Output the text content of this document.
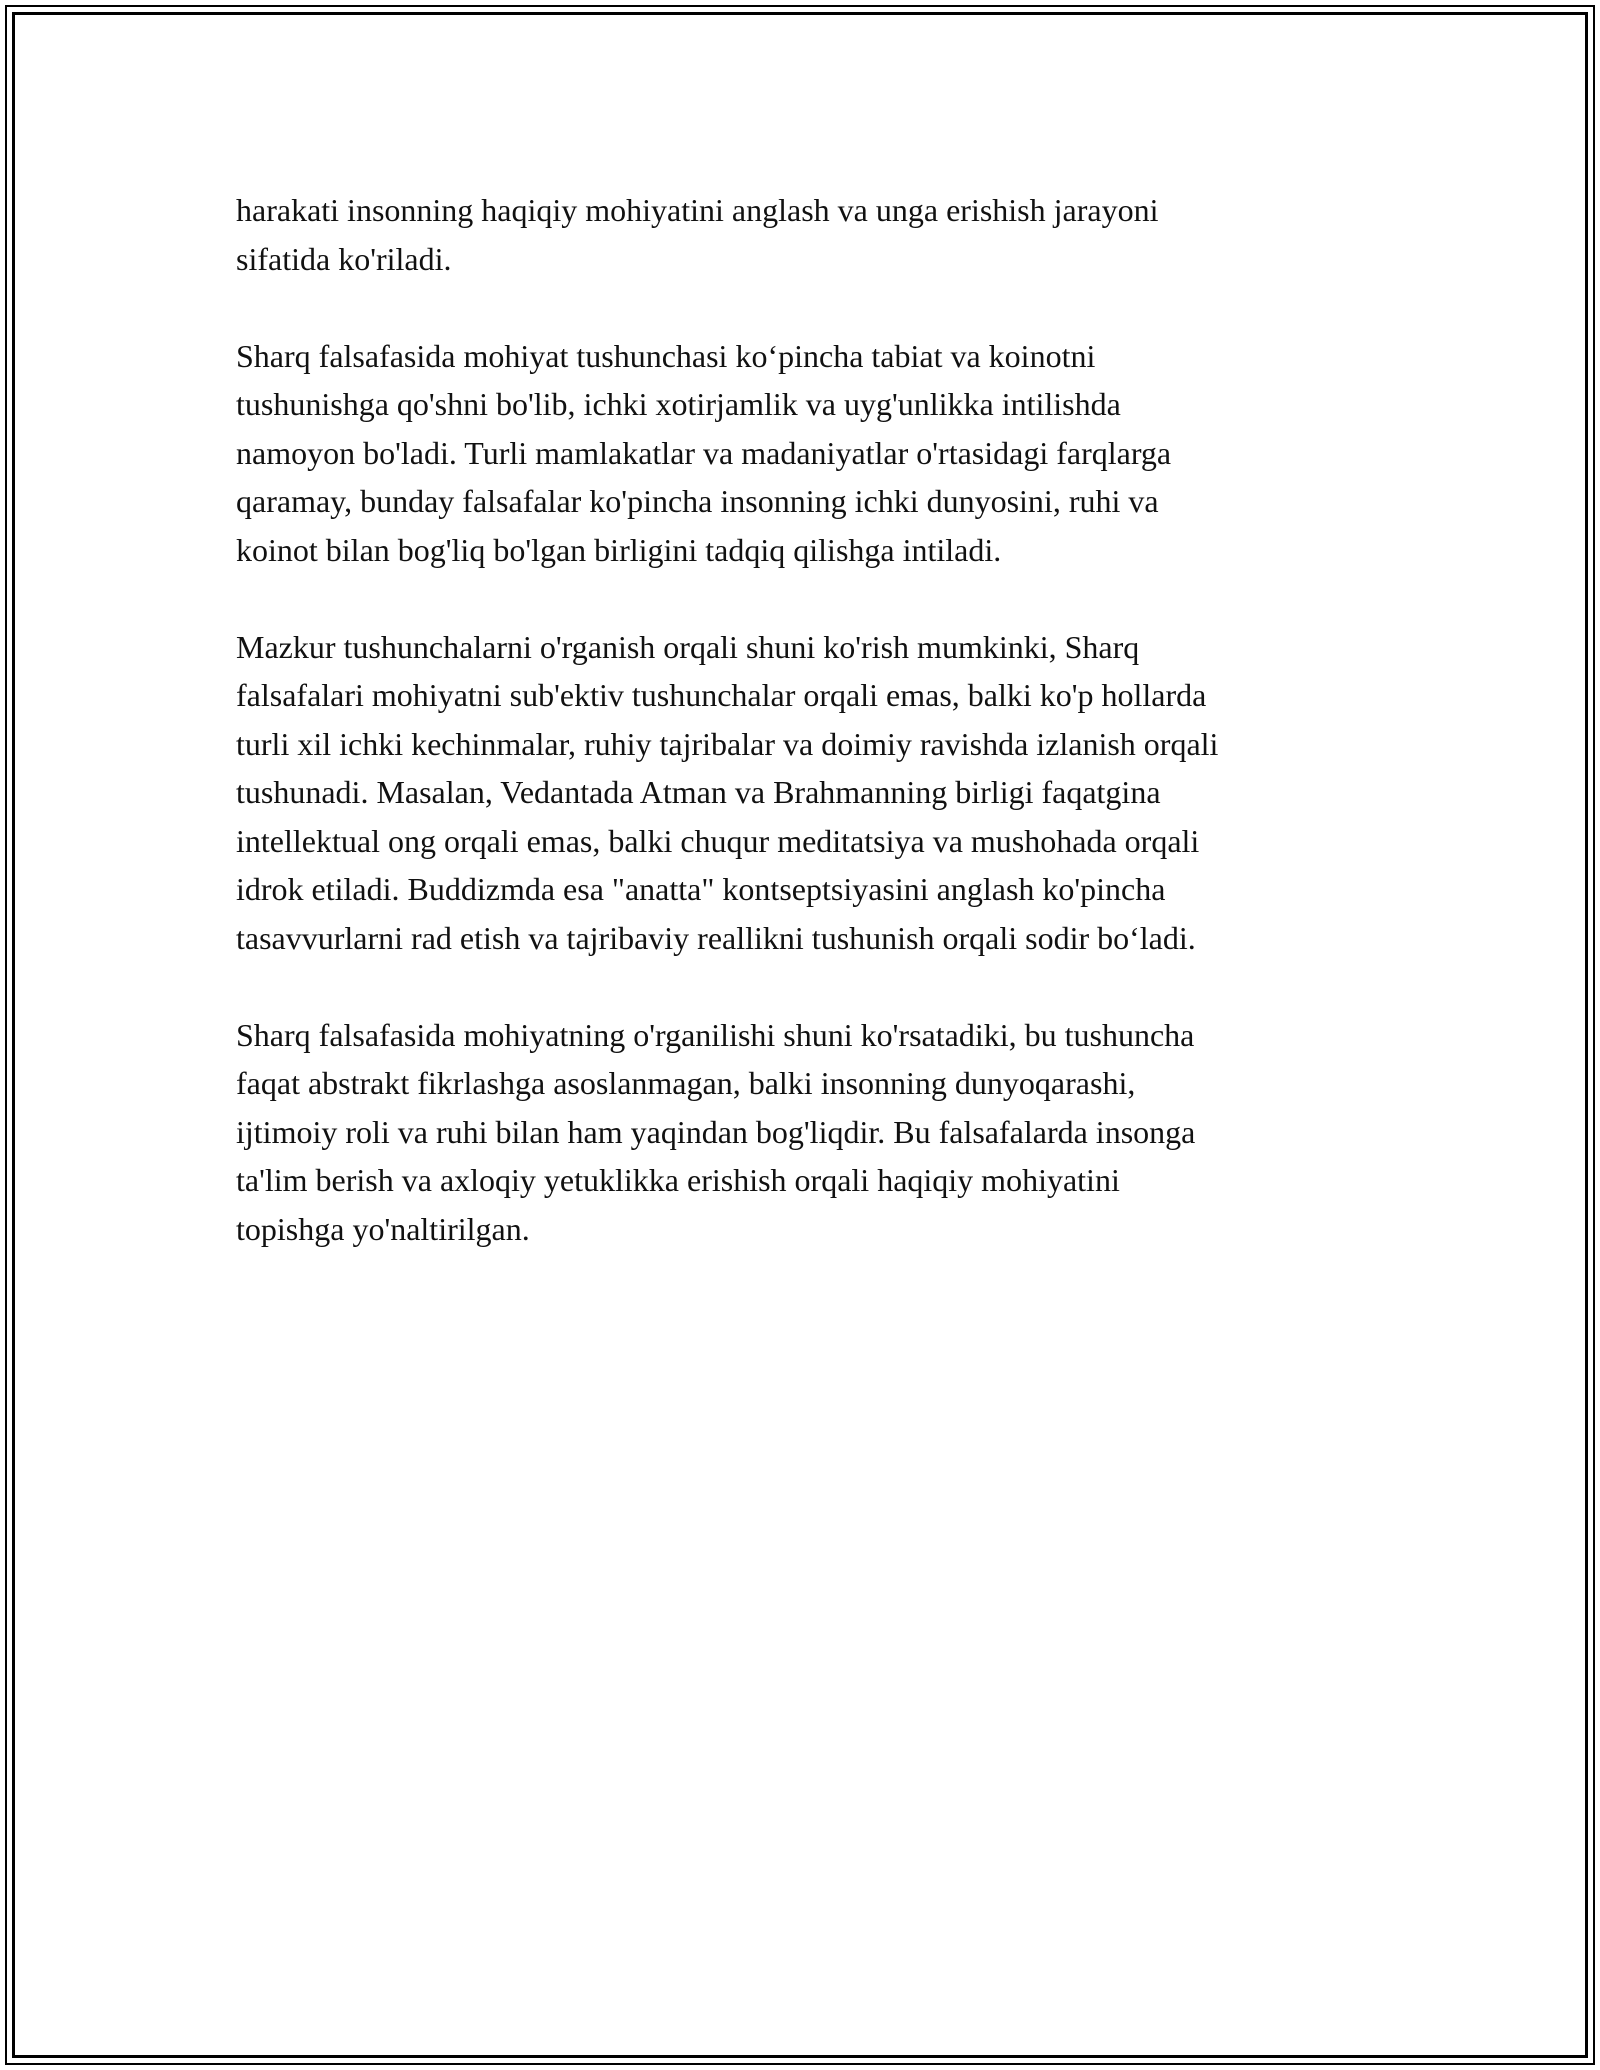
harakati insonning haqiqiy mohiyatini anglash va unga erishish jarayoni
sifatida ko'riladi.

Sharq falsafasida mohiyat tushunchasi ko‘pincha tabiat va koinotni
tushunishga qo'shni bo'lib, ichki xotirjamlik va uyg'unlikka intilishda
namoyon bo'ladi. Turli mamlakatlar va madaniyatlar o'rtasidagi farqlarga
qaramay, bunday falsafalar ko'pincha insonning ichki dunyosini, ruhi va
koinot bilan bog'liq bo'lgan birligini tadqiq qilishga intiladi.

Mazkur tushunchalarni o'rganish orqali shuni ko'rish mumkinki, Sharq
falsafalari mohiyatni sub'ektiv tushunchalar orqali emas, balki ko'p hollarda
turli xil ichki kechinmalar, ruhiy tajribalar va doimiy ravishda izlanish orqali
tushunadi. Masalan, Vedantada Atman va Brahmanning birligi faqatgina
intellektual ong orqali emas, balki chuqur meditatsiya va mushohada orqali
idrok etiladi. Buddizmda esa "anatta" kontseptsiyasini anglash ko'pincha
tasavvurlarni rad etish va tajribaviy reallikni tushunish orqali sodir bo‘ladi.

Sharq falsafasida mohiyatning o'rganilishi shuni ko'rsatadiki, bu tushuncha
faqat abstrakt fikrlashga asoslanmagan, balki insonning dunyoqarashi,
ijtimoiy roli va ruhi bilan ham yaqindan bog'liqdir. Bu falsafalarda insonga
ta'lim berish va axloqiy yetuklikka erishish orqali haqiqiy mohiyatini
topishga yo'naltirilgan.
